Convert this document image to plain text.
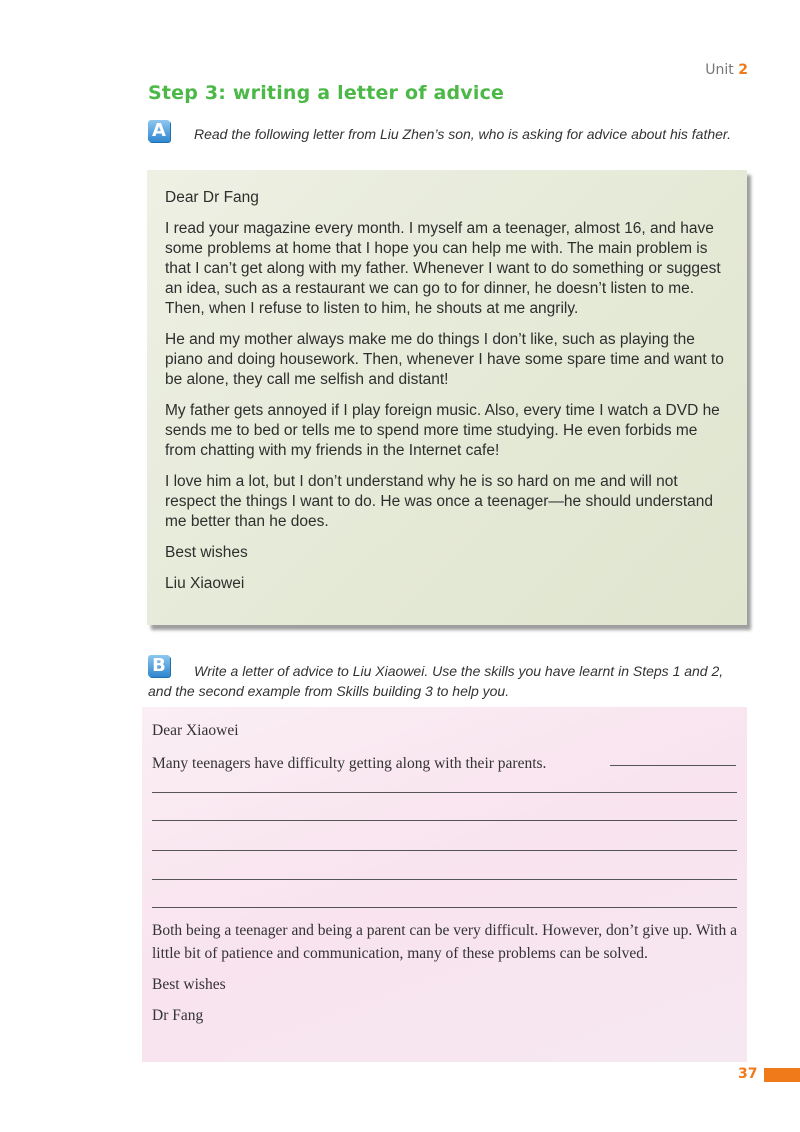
Unit 2
Step 3: writing a letter of advice
A	Read the following letter from Liu Zhen’s son, who is asking for advice about his father.

Dear Dr Fang

I read your magazine every month. I myself am a teenager, almost 16, and have some problems at home that I hope you can help me with. The main problem is that I can’t get along with my father. Whenever I want to do something or suggest an idea, such as a restaurant we can go to for dinner, he doesn’t listen to me. Then, when I refuse to listen to him, he shouts at me angrily.

He and my mother always make me do things I don’t like, such as playing the piano and doing housework. Then, whenever I have some spare time and want to be alone, they call me selfish and distant!

My father gets annoyed if I play foreign music. Also, every time I watch a DVD he sends me to bed or tells me to spend more time studying. He even forbids me from chatting with my friends in the Internet cafe!

I love him a lot, but I don’t understand why he is so hard on me and will not respect the things I want to do. He was once a teenager—he should understand me better than he does.

Best wishes

Liu Xiaowei

B	Write a letter of advice to Liu Xiaowei. Use the skills you have learnt in Steps 1 and 2, and the second example from Skills building 3 to help you.

Dear Xiaowei

Many teenagers have difficulty getting along with their parents.

Both being a teenager and being a parent can be very difficult. However, don’t give up. With a little bit of patience and communication, many of these problems can be solved.

Best wishes

Dr Fang

37
